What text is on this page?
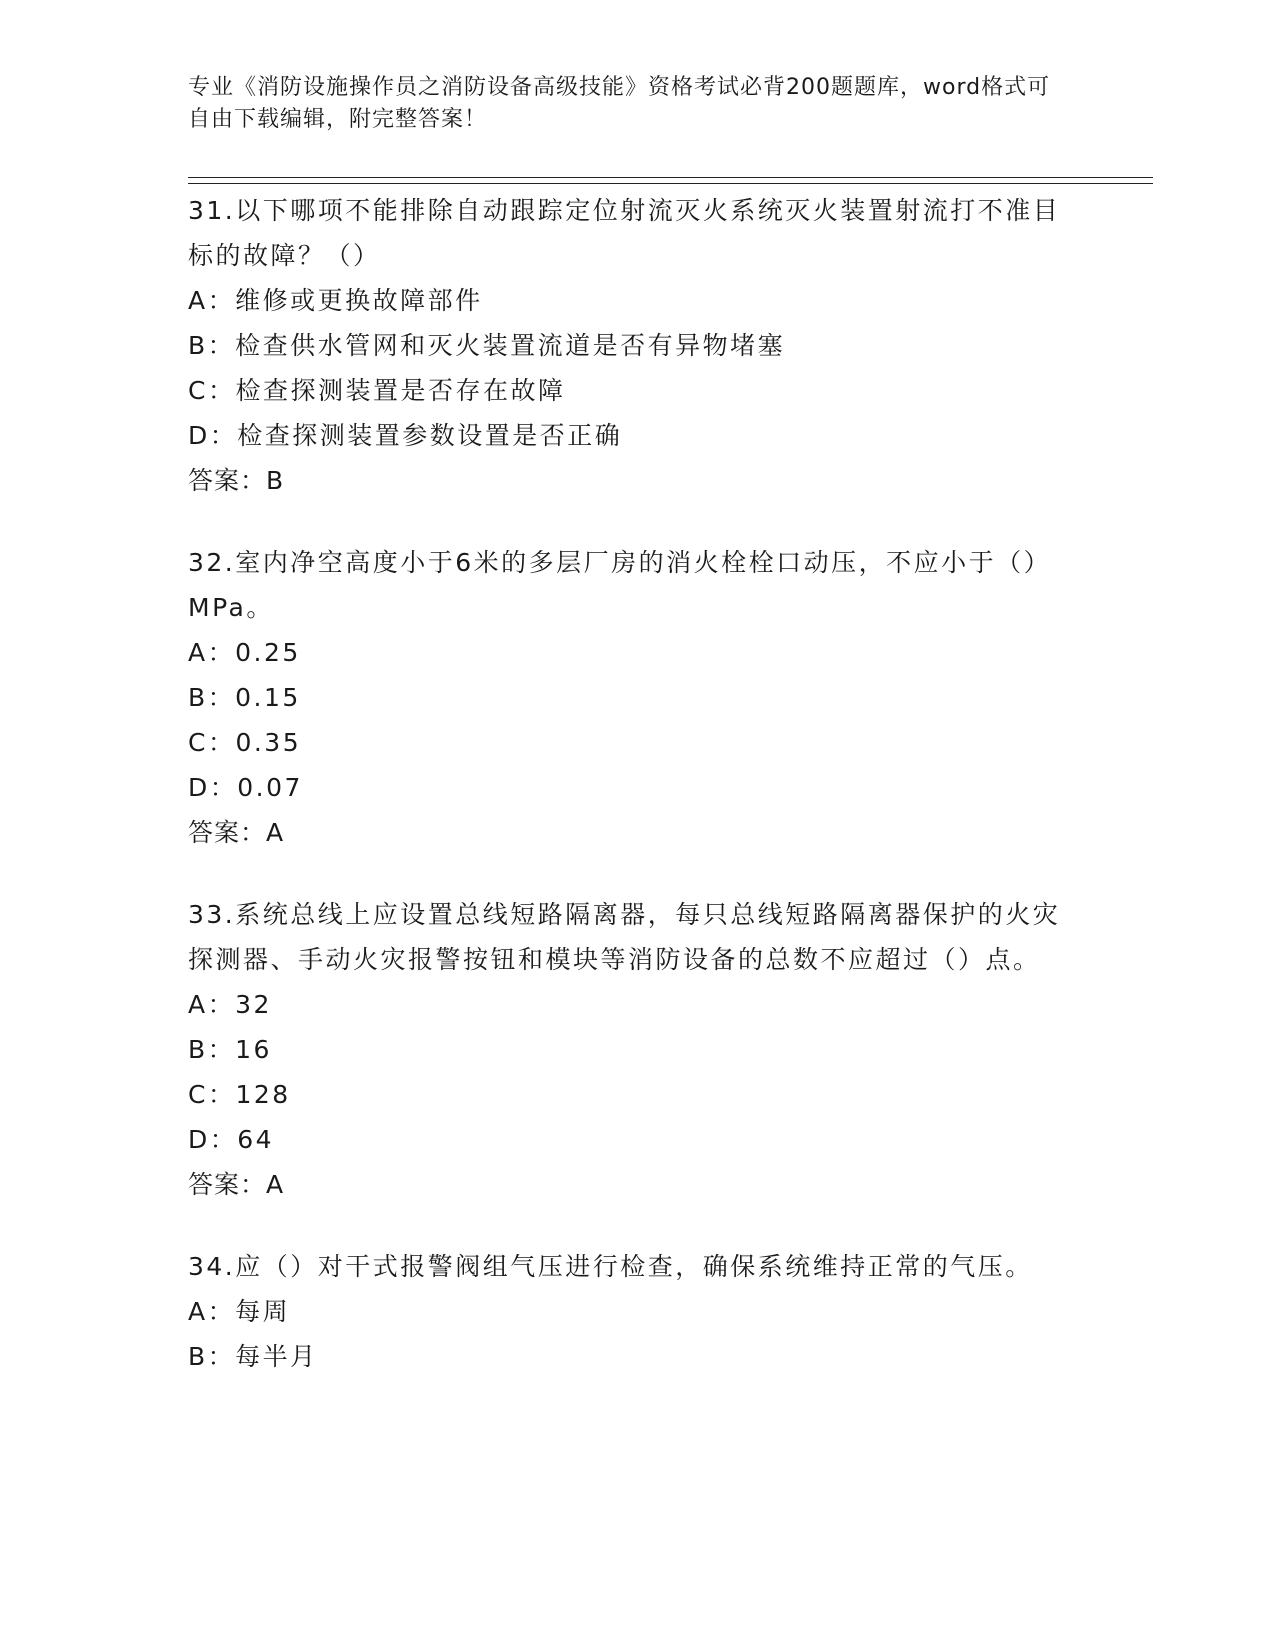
专业《消防设施操作员之消防设备高级技能》资格考试必背200题题库，word格式可自由下载编辑，附完整答案！
31.以下哪项不能排除自动跟踪定位射流灭火系统灭火装置射流打不准目标的故障？（）
A：维修或更换故障部件
B：检查供水管网和灭火装置流道是否有异物堵塞
C：检查探测装置是否存在故障
D：检查探测装置参数设置是否正确
答案：B
32.室内净空高度小于6米的多层厂房的消火栓栓口动压，不应小于（）MPa。
A：0.25
B：0.15
C：0.35
D：0.07
答案：A
33.系统总线上应设置总线短路隔离器，每只总线短路隔离器保护的火灾探测器、手动火灾报警按钮和模块等消防设备的总数不应超过（）点。
A：32
B：16
C：128
D：64
答案：A
34.应（）对干式报警阀组气压进行检查，确保系统维持正常的气压。
A：每周
B：每半月
